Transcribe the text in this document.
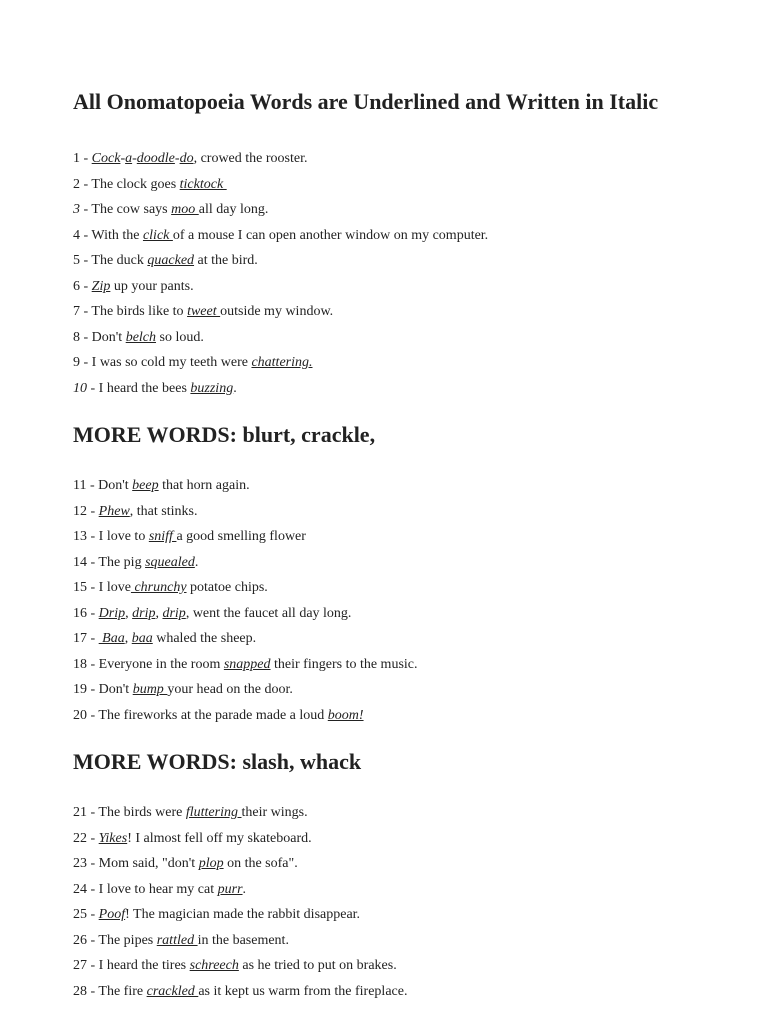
All Onomatopoeia Words are Underlined and Written in Italic
1 - Cock-a-doodle-do, crowed the rooster.
2 - The clock goes ticktock
3 - The cow says moo all day long.
4 - With the click of a mouse I can open another window on my computer.
5 - The duck quacked at the bird.
6 - Zip up your pants.
7 - The birds like to tweet outside my window.
8 - Don't belch so loud.
9 - I was so cold my teeth were chattering.
10 - I heard the bees buzzing.
MORE WORDS: blurt, crackle,
11 - Don't beep that horn again.
12 - Phew, that stinks.
13 - I love to sniff a good smelling flower
14 - The pig squealed.
15 - I love chrunchy potatoe chips.
16 - Drip, drip, drip, went the faucet all day long.
17 -  Baa, baa whaled the sheep.
18 - Everyone in the room snapped their fingers to the music.
19 - Don't bump your head on the door.
20 - The fireworks at the parade made a loud boom!
MORE WORDS: slash, whack
21 - The birds were fluttering their wings.
22 - Yikes! I almost fell off my skateboard.
23 - Mom said, "don't plop on the sofa".
24 - I love to hear my cat purr.
25 - Poof! The magician made the rabbit disappear.
26 - The pipes rattled in the basement.
27 - I heard the tires schreech as he tried to put on brakes.
28 - The fire crackled as it kept us warm from the fireplace.
